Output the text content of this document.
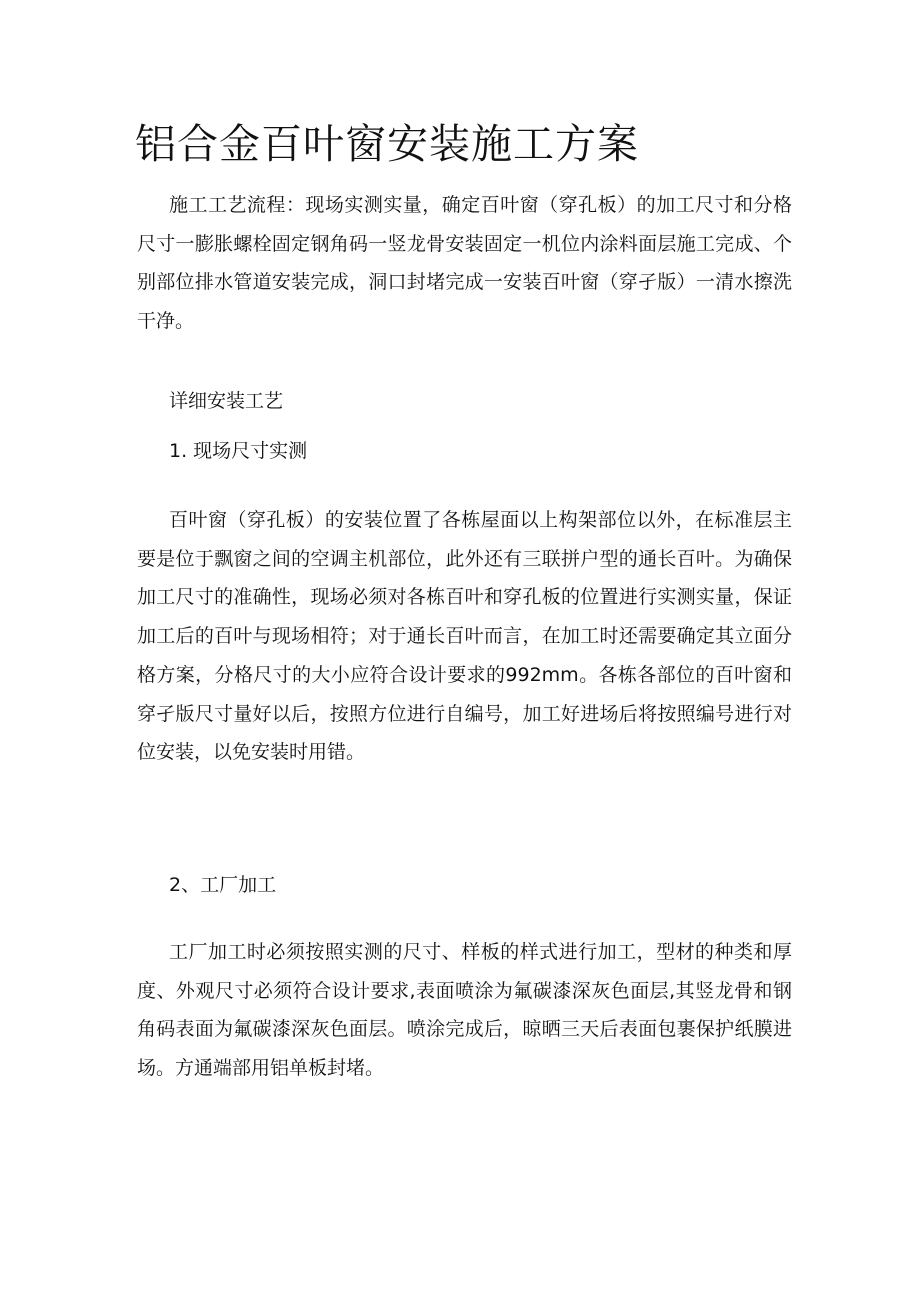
铝合金百叶窗安装施工方案

施工工艺流程：现场实测实量，确定百叶窗（穿孔板）的加工尺寸和分格尺寸一膨胀螺栓固定钢角码一竖龙骨安装固定一机位内涂料面层施工完成、个别部位排水管道安装完成，洞口封堵完成一安装百叶窗（穿孑版）一清水擦洗干净。

详细安装工艺
1. 现场尺寸实测

百叶窗（穿孔板）的安装位置了各栋屋面以上构架部位以外，在标准层主要是位于飘窗之间的空调主机部位，此外还有三联拼户型的通长百叶。为确保加工尺寸的准确性，现场必须对各栋百叶和穿孔板的位置进行实测实量，保证加工后的百叶与现场相符；对于通长百叶而言，在加工时还需要确定其立面分格方案，分格尺寸的大小应符合设计要求的992mm。各栋各部位的百叶窗和穿孑版尺寸量好以后，按照方位进行自编号，加工好进场后将按照编号进行对位安装，以免安装时用错。

2、工厂加工

工厂加工时必须按照实测的尺寸、样板的样式进行加工，型材的种类和厚度、外观尺寸必须符合设计要求,表面喷涂为氟碳漆深灰色面层,其竖龙骨和钢角码表面为氟碳漆深灰色面层。喷涂完成后，晾晒三天后表面包裹保护纸膜进场。方通端部用铝单板封堵。
